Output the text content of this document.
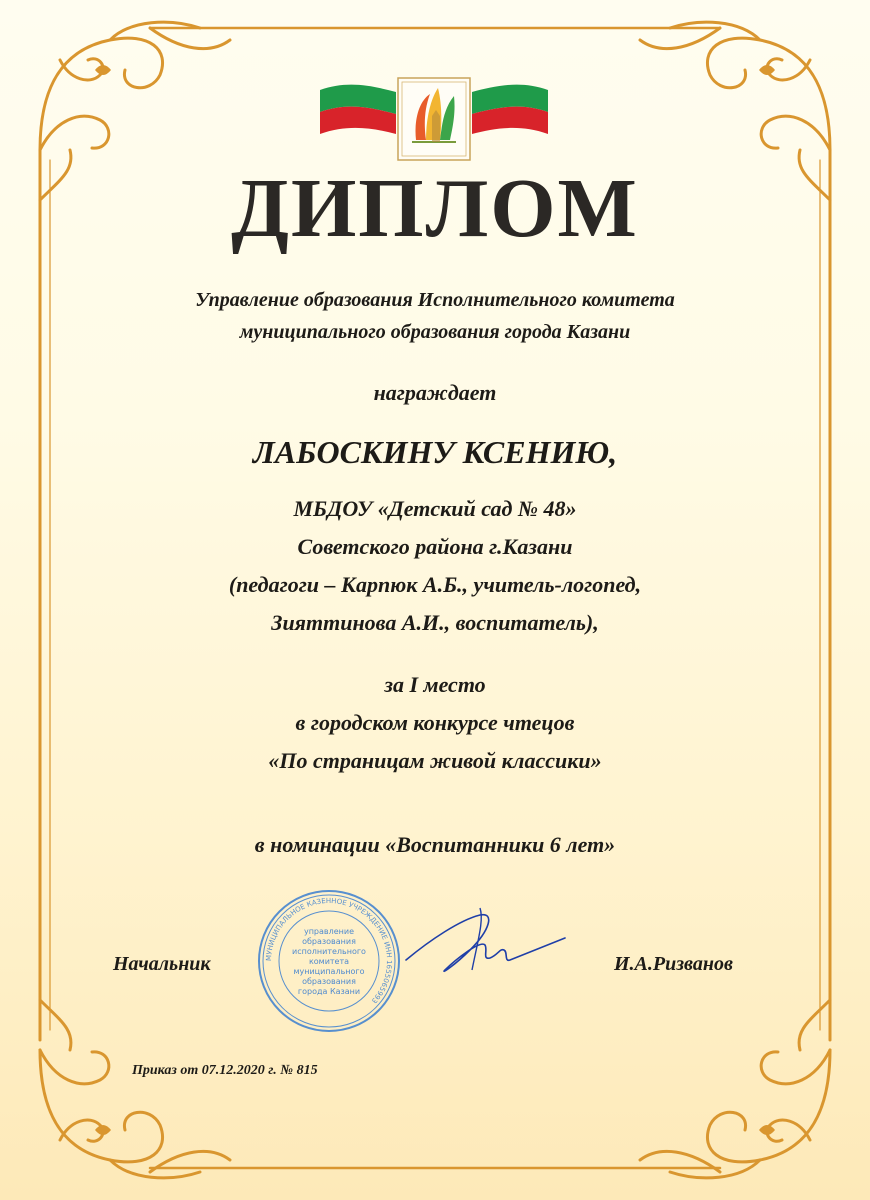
ДИПЛОМ
Управление образования Исполнительного комитета
муниципального образования города Казани
награждает
ЛАБОСКИНУ КСЕНИЮ,
МБДОУ «Детский сад № 48»
Советского района г.Казани
(педагоги – Карпюк А.Б., учитель-логопед,
Зияттинова А.И., воспитатель),
за I место
в городском конкурсе чтецов
«По страницам живой классики»
в номинации «Воспитанники 6 лет»
МУНИЦИПАЛЬНОЕ КАЗЕННОЕ УЧРЕЖДЕНИЕ ИНН 1655065993
управление
образования
исполнительного
комитета
муниципального
образования
города Казани
Начальник	И.А.Ризванов
Приказ от 07.12.2020 г. № 815
